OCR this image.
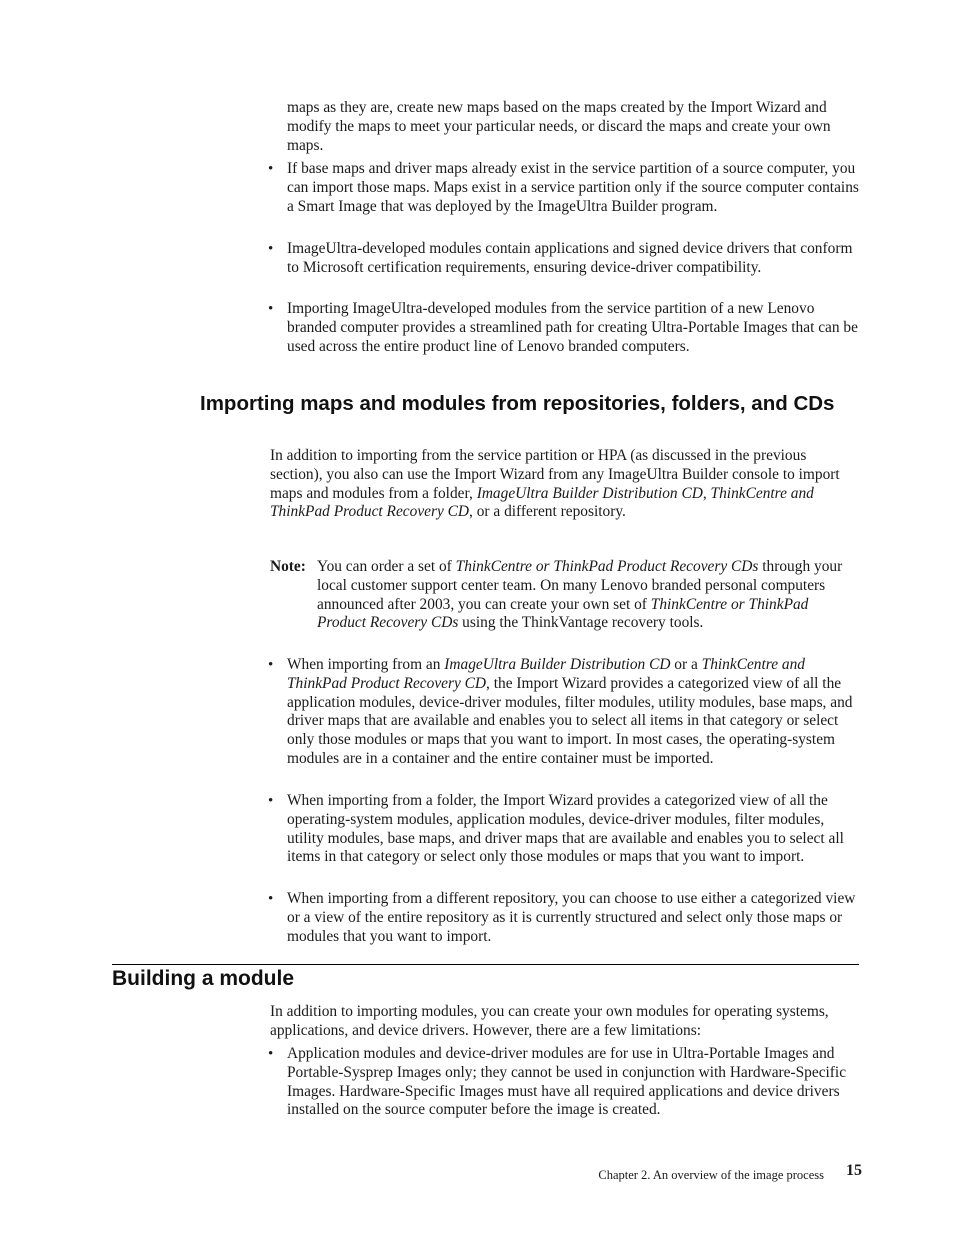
maps as they are, create new maps based on the maps created by the Import Wizard and modify the maps to meet your particular needs, or discard the maps and create your own maps.

• If base maps and driver maps already exist in the service partition of a source computer, you can import those maps. Maps exist in a service partition only if the source computer contains a Smart Image that was deployed by the ImageUltra Builder program.
• ImageUltra-developed modules contain applications and signed device drivers that conform to Microsoft certification requirements, ensuring device-driver compatibility.
• Importing ImageUltra-developed modules from the service partition of a new Lenovo branded computer provides a streamlined path for creating Ultra-Portable Images that can be used across the entire product line of Lenovo branded computers.
Importing maps and modules from repositories, folders, and CDs

In addition to importing from the service partition or HPA (as discussed in the previous section), you also can use the Import Wizard from any ImageUltra Builder console to import maps and modules from a folder, ImageUltra Builder Distribution CD, ThinkCentre and ThinkPad Product Recovery CD, or a different repository.

Note: You can order a set of ThinkCentre or ThinkPad Product Recovery CDs through your local customer support center team. On many Lenovo branded personal computers announced after 2003, you can create your own set of ThinkCentre or ThinkPad Product Recovery CDs using the ThinkVantage recovery tools.
• When importing from an ImageUltra Builder Distribution CD or a ThinkCentre and ThinkPad Product Recovery CD, the Import Wizard provides a categorized view of all the application modules, device-driver modules, filter modules, utility modules, base maps, and driver maps that are available and enables you to select all items in that category or select only those modules or maps that you want to import. In most cases, the operating-system modules are in a container and the entire container must be imported.
• When importing from a folder, the Import Wizard provides a categorized view of all the operating-system modules, application modules, device-driver modules, filter modules, utility modules, base maps, and driver maps that are available and enables you to select all items in that category or select only those modules or maps that you want to import.
• When importing from a different repository, you can choose to use either a categorized view or a view of the entire repository as it is currently structured and select only those maps or modules that you want to import.
Building a module

In addition to importing modules, you can create your own modules for operating systems, applications, and device drivers. However, there are a few limitations:

• Application modules and device-driver modules are for use in Ultra-Portable Images and Portable-Sysprep Images only; they cannot be used in conjunction with Hardware-Specific Images. Hardware-Specific Images must have all required applications and device drivers installed on the source computer before the image is created.
Chapter 2. An overview of the image process	15
